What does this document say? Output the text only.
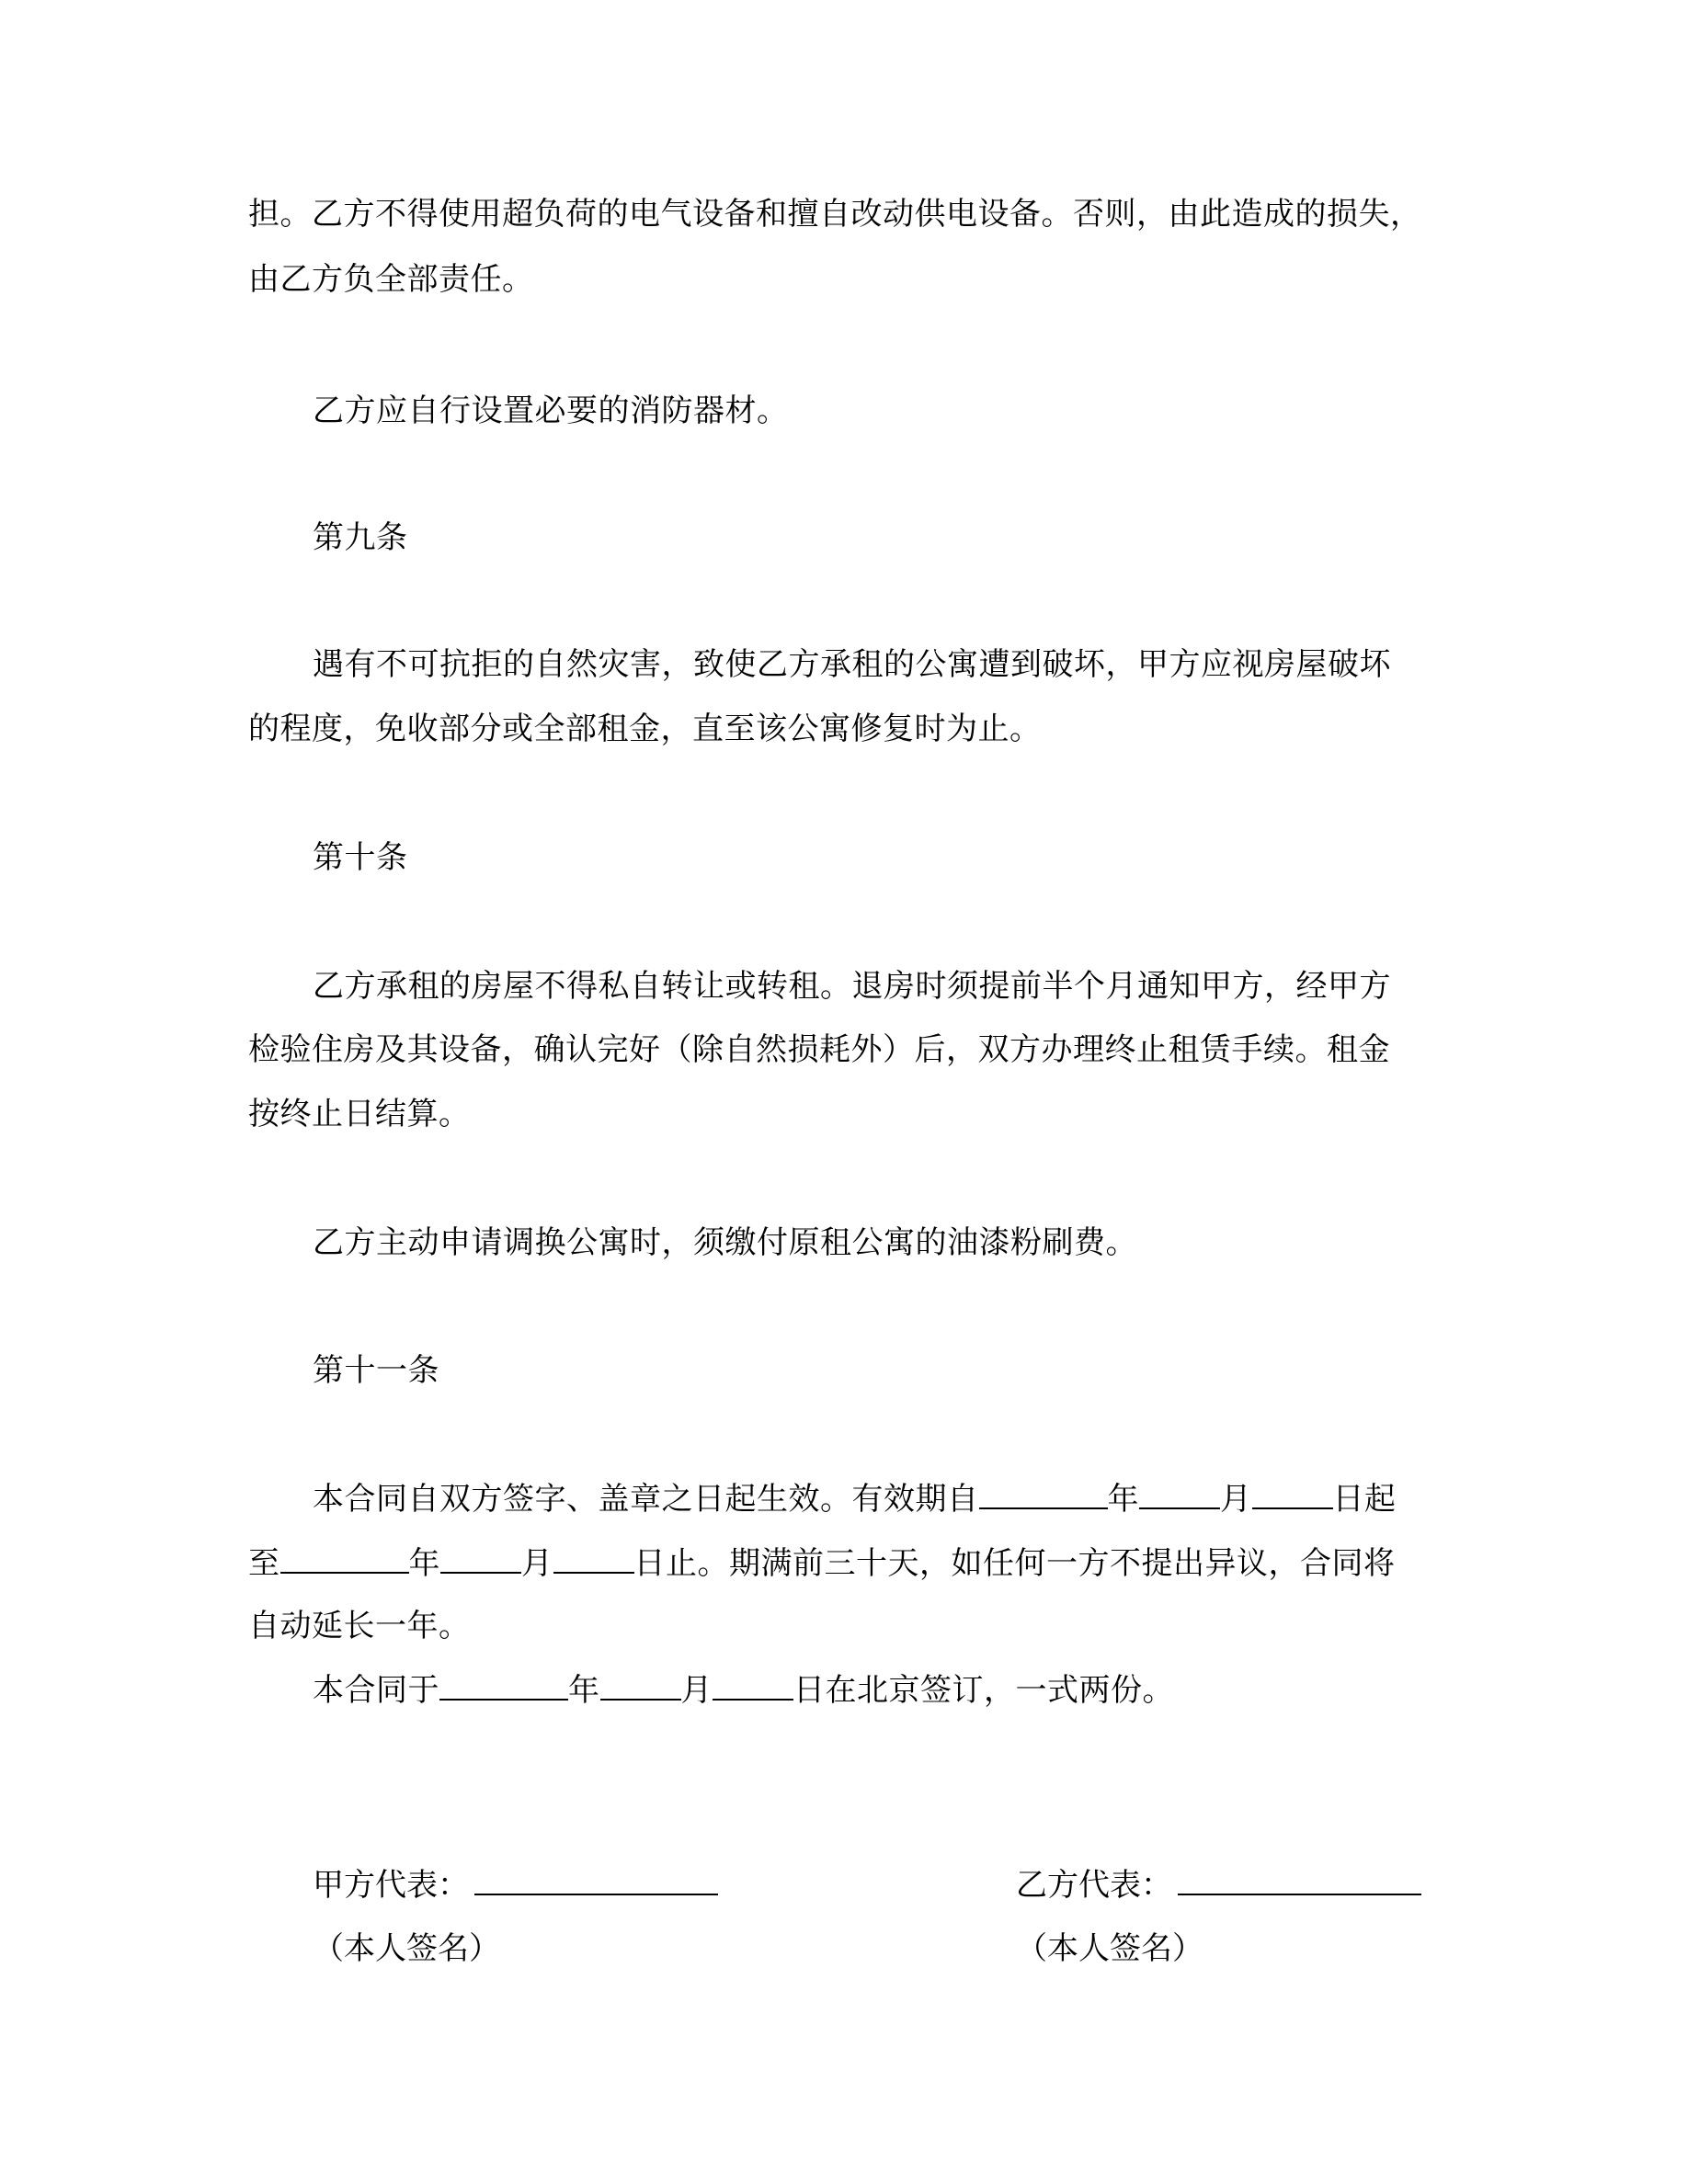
担。乙方不得使用超负荷的电气设备和擅自改动供电设备。否则，由此造成的损失，
由乙方负全部责任。
乙方应自行设置必要的消防器材。
第九条
遇有不可抗拒的自然灾害，致使乙方承租的公寓遭到破坏，甲方应视房屋破坏
的程度，免收部分或全部租金，直至该公寓修复时为止。
第十条
乙方承租的房屋不得私自转让或转租。退房时须提前半个月通知甲方，经甲方
检验住房及其设备，确认完好（除自然损耗外）后，双方办理终止租赁手续。租金
按终止日结算。
乙方主动申请调换公寓时，须缴付原租公寓的油漆粉刷费。
第十一条
本合同自双方签字、盖章之日起生效。有效期自	年	月	日起
至	年	月	日止。期满前三十天，如任何一方不提出异议，合同将
自动延长一年。
本合同于	年	月	日在北京签订，一式两份。
甲方代表：
（本人签名）
乙方代表：
（本人签名）
